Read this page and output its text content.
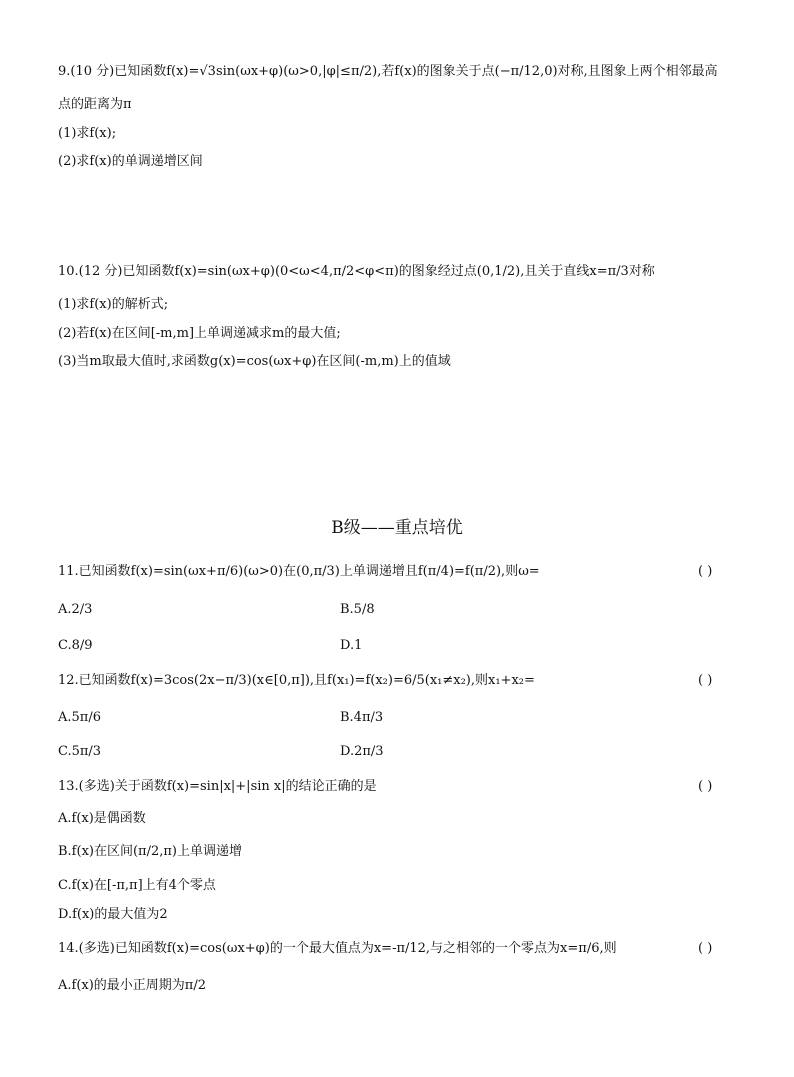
9.(10 分)已知函数f(x)=√3sin(ωx+φ)(ω>0,|φ|≤π/2),若f(x)的图象关于点(−π/12,0)对称,且图象上两个相邻最高
点的距离为π
(1)求f(x);
(2)求f(x)的单调递增区间
10.(12 分)已知函数f(x)=sin(ωx+φ)(0<ω<4,π/2<φ<π)的图象经过点(0,1/2),且关于直线x=π/3对称
(1)求f(x)的解析式;
(2)若f(x)在区间[-m,m]上单调递减求m的最大值;
(3)当m取最大值时,求函数g(x)=cos(ωx+φ)在区间(-m,m)上的值域
B级——重点培优
11.已知函数f(x)=sin(ωx+π/6)(ω>0)在(0,π/3)上单调递增且f(π/4)=f(π/2),则ω=	( )
A.2/3	B.5/8
C.8/9	D.1
12.已知函数f(x)=3cos(2x−π/3)(x∈[0,π]),且f(x₁)=f(x₂)=6/5(x₁≠x₂),则x₁+x₂=	( )
A.5π/6	B.4π/3
C.5π/3	D.2π/3
13.(多选)关于函数f(x)=sin|x|+|sin x|的结论正确的是	( )
A.f(x)是偶函数
B.f(x)在区间(π/2,π)上单调递增
C.f(x)在[-π,π]上有4个零点
D.f(x)的最大值为2
14.(多选)已知函数f(x)=cos(ωx+φ)的一个最大值点为x=-π/12,与之相邻的一个零点为x=π/6,则	( )
A.f(x)的最小正周期为π/2
